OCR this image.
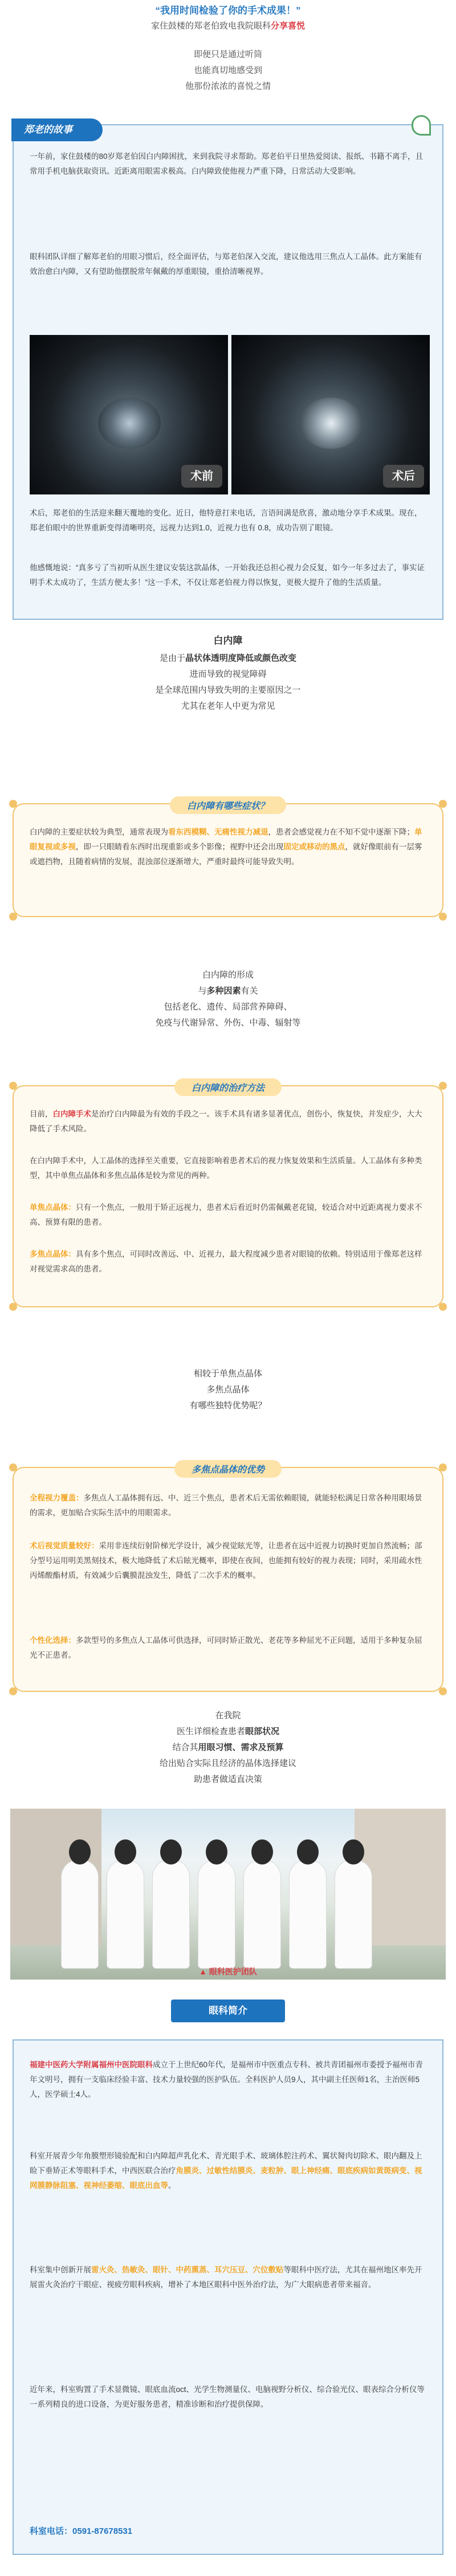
“我用时间检验了你的手术成果！”
家住鼓楼的郑老伯致电我院眼科分享喜悦
即便只是通过听筒
也能真切地感受到
他那份浓浓的喜悦之情
郑老的故事

一年前，家住鼓楼的80岁郑老伯因白内障困扰，来到我院寻求帮助。郑老伯平日里热爱阅读、报纸、书籍不离手，且常用手机电脑获取资讯。近距离用眼需求极高。白内障致使他视力严重下降，日常活动大受影响。

眼科团队详细了解郑老伯的用眼习惯后，经全面评估，与郑老伯深入交流，建议他选用三焦点人工晶体。此方案能有效治愈白内障，又有望助他摆脱常年佩戴的厚重眼镜，重拾清晰视界。

术前	术后

术后，郑老伯的生活迎来翻天覆地的变化。近日，他特意打来电话，言语间满是欣喜，激动地分享手术成果。现在，郑老伯眼中的世界重新变得清晰明亮，远视力达到1.0，近视力也有 0.8，成功告别了眼镜。

他感慨地说：“真多亏了当初听从医生建议安装这款晶体，一开始我还总担心视力会反复，如今一年多过去了，事实证明手术太成功了，生活方便太多！”这一手术，不仅让郑老伯视力得以恢复，更极大提升了他的生活质量。

白内障
是由于晶状体透明度降低或颜色改变
进而导致的视觉障碍
是全球范围内导致失明的主要原因之一
尤其在老年人中更为常见
白内障有哪些症状？

白内障的主要症状较为典型，通常表现为看东西模糊、无痛性视力减退，患者会感觉视力在不知不觉中逐渐下降；单眼复视或多视，即一只眼睛看东西时出现重影或多个影像；视野中还会出现固定或移动的黑点，就好像眼前有一层雾或遮挡物，且随着病情的发展，混浊部位逐渐增大，严重时最终可能导致失明。

白内障的形成
与多种因素有关
包括老化、遗传、局部营养障碍、
免疫与代谢异常、外伤、中毒、辐射等
白内障的治疗方法

目前，白内障手术是治疗白内障最为有效的手段之一。该手术具有诸多显著优点，创伤小，恢复快，并发症少，大大降低了手术风险。

在白内障手术中，人工晶体的选择至关重要，它直接影响着患者术后的视力恢复效果和生活质量。人工晶体有多种类型，其中单焦点晶体和多焦点晶体是较为常见的两种。

单焦点晶体：只有一个焦点，一般用于矫正远视力，患者术后看近时仍需佩戴老花镜，较适合对中近距离视力要求不高、预算有限的患者。

多焦点晶体：具有多个焦点，可同时改善远、中、近视力，最大程度减少患者对眼镜的依赖。特别适用于像郑老这样对视觉需求高的患者。

相较于单焦点晶体
多焦点晶体
有哪些独特优势呢？
多焦点晶体的优势

全程视力覆盖：多焦点人工晶体拥有远、中、近三个焦点，患者术后无需依赖眼镜，就能轻松满足日常各种用眼场景的需求，更加贴合实际生活中的用眼需求。

术后视觉质量较好：采用非连续衍射阶梯光学设计，减少视觉眩光等，让患者在远中近视力切换时更加自然流畅；部分型号运用明美黑刻技术，极大地降低了术后眩光概率，即使在夜间，也能拥有较好的视力表现；同时，采用疏水性丙烯酸酯材质，有效减少后囊膜混浊发生，降低了二次手术的概率。

个性化选择：多款型号的多焦点人工晶体可供选择，可同时矫正散光、老花等多种屈光不正问题，适用于多种复杂屈光不正患者。

在我院
医生详细检查患者眼部状况
结合其用眼习惯、需求及预算
给出贴合实际且经济的晶体选择建议
助患者做适直决策
▲ 眼科医护团队
眼科简介

福建中医药大学附属福州中医院眼科成立于上世纪60年代，是福州市中医重点专科、被共青团福州市委授予福州市青年文明号，拥有一支临床经验丰富、技术力量较强的医护队伍。全科医护人员9人，其中副主任医师1名，主治医师5人，医学硕士4人。

科室开展青少年角膜塑形镜验配和白内障超声乳化术、青光眼手术、玻璃体腔注药术、翼状胬肉切除术、眼内翻及上睑下垂矫正术等眼科手术，中西医联合治疗角膜炎、过敏性结膜炎、麦粒肿、眼上神经痛、眼底疾病如黄斑病变、视网膜静脉阻塞、视神经萎缩、眼底出血等。

科室集中创新开展雷火灸、热敏灸、眼针、中药熏蒸、耳穴压豆、穴位敷贴等眼科中医疗法，尤其在福州地区率先开展雷火灸治疗干眼症、视疲劳眼科疾病，增补了本地区眼科中医外治疗法，为广大眼病患者带来福音。

近年来，科室购置了手术显微镜、眼底血流oct、光学生物测量仪、电脑视野分析仪、综合验光仪、眼表综合分析仪等一系列精良的进口设备，为更好服务患者，精准诊断和治疗提供保障。

科室电话：0591-87678531
